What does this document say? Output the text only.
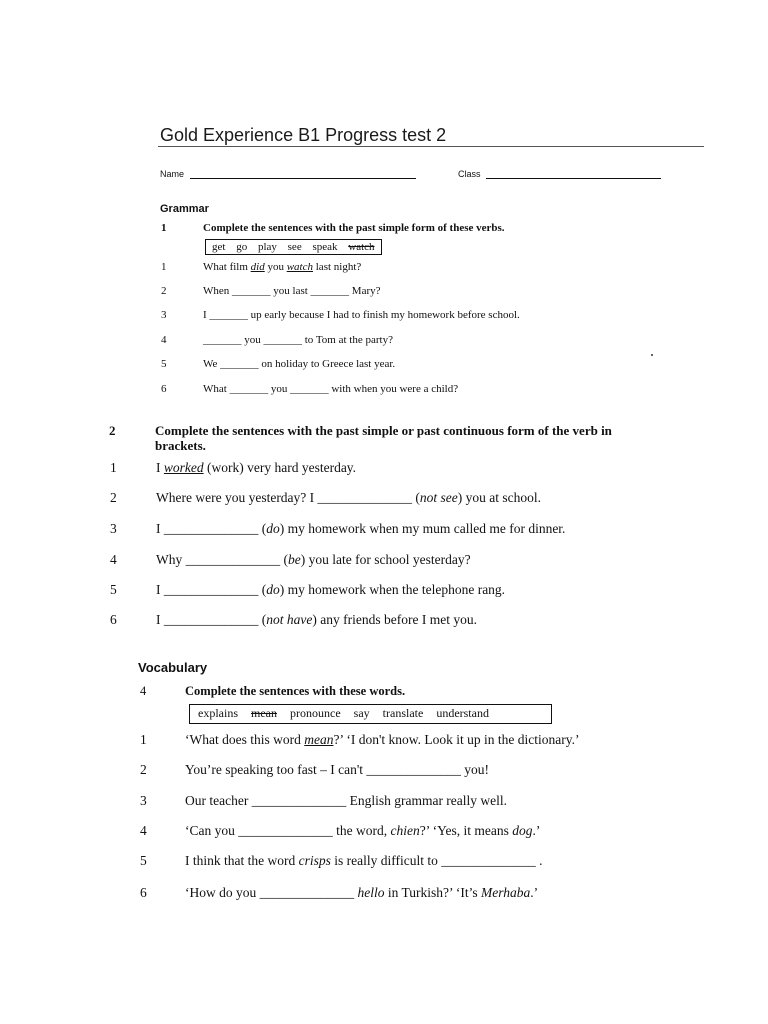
Gold Experience B1 Progress test 2
Name	Class
Grammar
1	Complete the sentences with the past simple form of these verbs.
get go play see speak watch
1	What film did you watch last night?
2	When _______ you last _______ Mary?
3	I _______ up early because I had to finish my homework before school.
4	_______ you _______ to Tom at the party?
5	We _______ on holiday to Greece last year.
6	What _______ you _______ with when you were a child?
2	Complete the sentences with the past simple or past continuous form of the verb in
brackets.
1	I worked (work) very hard yesterday.
2	Where were you yesterday? I ______________ (not see) you at school.
3	I ______________ (do) my homework when my mum called me for dinner.
4	Why ______________ (be) you late for school yesterday?
5	I ______________ (do) my homework when the telephone rang.
6	I ______________ (not have) any friends before I met you.
Vocabulary
4	Complete the sentences with these words.
explains mean pronounce say translate understand
1	‘What does this word mean?’ ‘I don't know. Look it up in the dictionary.’
2	You’re speaking too fast – I can't ______________ you!
3	Our teacher ______________ English grammar really well.
4	‘Can you ______________ the word, chien?’ ‘Yes, it means dog.’
5	I think that the word crisps is really difficult to ______________ .
6	‘How do you ______________ hello in Turkish?’ ‘It’s Merhaba.’
